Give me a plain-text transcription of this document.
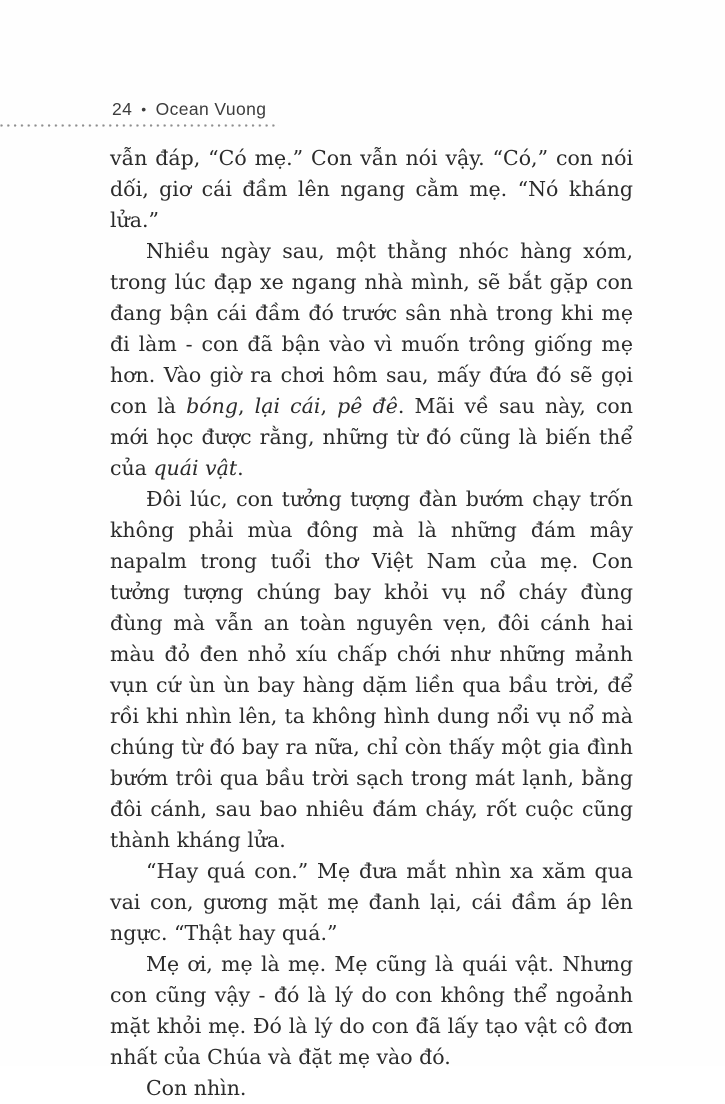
24 • Ocean Vuong

vẫn đáp, “Có mẹ.” Con vẫn nói vậy. “Có,” con nói dối, giơ cái đầm lên ngang cằm mẹ. “Nó kháng lửa.”

Nhiều ngày sau, một thằng nhóc hàng xóm, trong lúc đạp xe ngang nhà mình, sẽ bắt gặp con đang bận cái đầm đó trước sân nhà trong khi mẹ đi làm - con đã bận vào vì muốn trông giống mẹ hơn. Vào giờ ra chơi hôm sau, mấy đứa đó sẽ gọi con là bóng, lại cái, pê đê. Mãi về sau này, con mới học được rằng, những từ đó cũng là biến thể của quái vật.

Đôi lúc, con tưởng tượng đàn bướm chạy trốn không phải mùa đông mà là những đám mây napalm trong tuổi thơ Việt Nam của mẹ. Con tưởng tượng chúng bay khỏi vụ nổ cháy đùng đùng mà vẫn an toàn nguyên vẹn, đôi cánh hai màu đỏ đen nhỏ xíu chấp chới như những mảnh vụn cứ ùn ùn bay hàng dặm liền qua bầu trời, để rồi khi nhìn lên, ta không hình dung nổi vụ nổ mà chúng từ đó bay ra nữa, chỉ còn thấy một gia đình bướm trôi qua bầu trời sạch trong mát lạnh, bằng đôi cánh, sau bao nhiêu đám cháy, rốt cuộc cũng thành kháng lửa.

“Hay quá con.” Mẹ đưa mắt nhìn xa xăm qua vai con, gương mặt mẹ đanh lại, cái đầm áp lên ngực. “Thật hay quá.”

Mẹ ơi, mẹ là mẹ. Mẹ cũng là quái vật. Nhưng con cũng vậy - đó là lý do con không thể ngoảnh mặt khỏi mẹ. Đó là lý do con đã lấy tạo vật cô đơn nhất của Chúa và đặt mẹ vào đó.

Con nhìn.
